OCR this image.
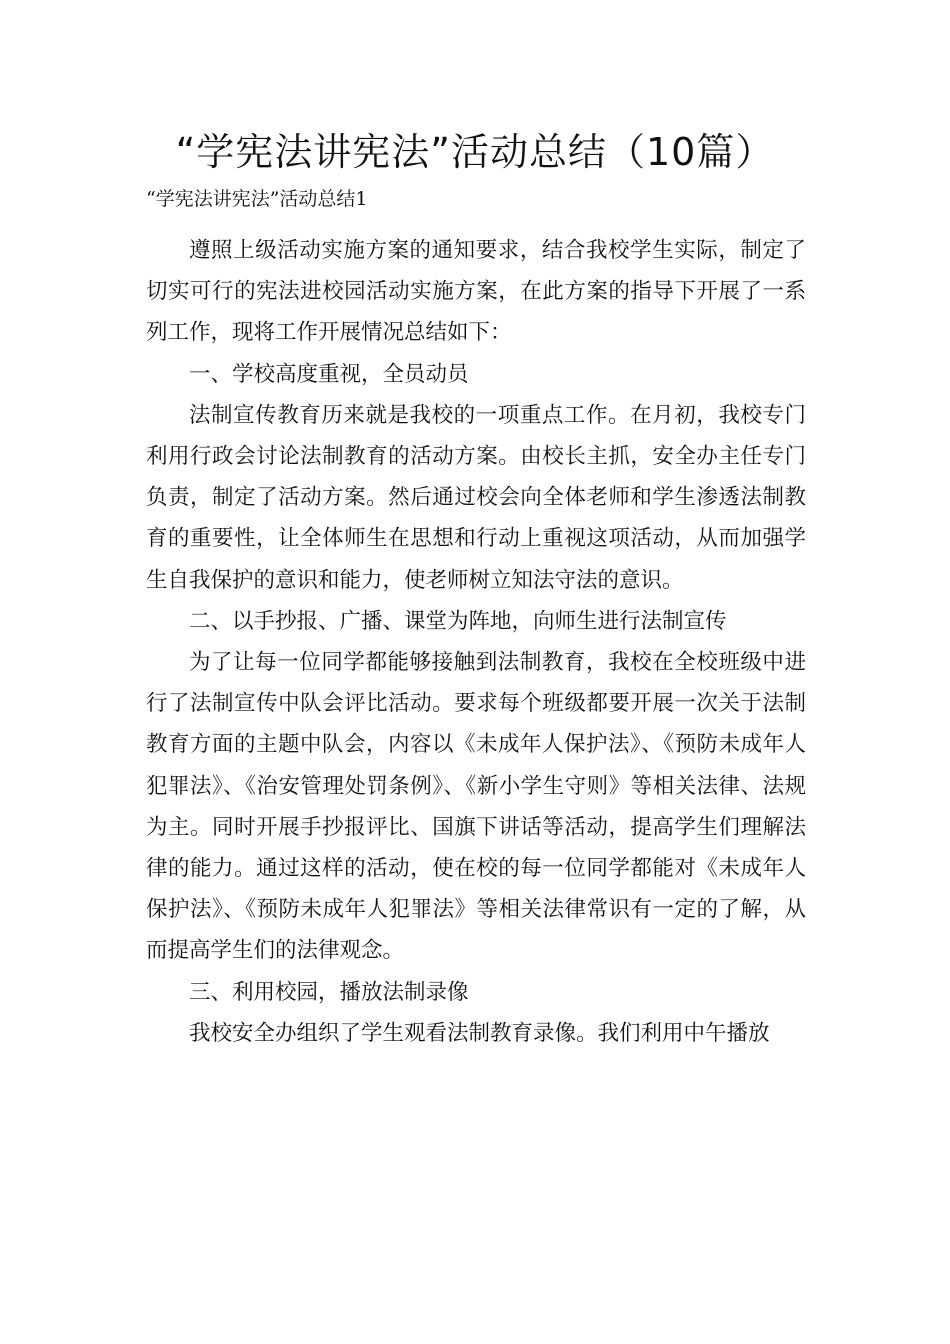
“学宪法讲宪法”活动总结（10篇）
“学宪法讲宪法”活动总结1

遵照上级活动实施方案的通知要求，结合我校学生实际，制定了切实可行的宪法进校园活动实施方案，在此方案的指导下开展了一系列工作，现将工作开展情况总结如下：

一、学校高度重视，全员动员

法制宣传教育历来就是我校的一项重点工作。在月初，我校专门利用行政会讨论法制教育的活动方案。由校长主抓，安全办主任专门负责，制定了活动方案。然后通过校会向全体老师和学生渗透法制教育的重要性，让全体师生在思想和行动上重视这项活动，从而加强学生自我保护的意识和能力，使老师树立知法守法的意识。

二、以手抄报、广播、课堂为阵地，向师生进行法制宣传

为了让每一位同学都能够接触到法制教育，我校在全校班级中进行了法制宣传中队会评比活动。要求每个班级都要开展一次关于法制教育方面的主题中队会，内容以《未成年人保护法》、《预防未成年人犯罪法》、《治安管理处罚条例》、《新小学生守则》等相关法律、法规为主。同时开展手抄报评比、国旗下讲话等活动，提高学生们理解法律的能力。通过这样的活动，使在校的每一位同学都能对《未成年人保护法》、《预防未成年人犯罪法》等相关法律常识有一定的了解，从而提高学生们的法律观念。

三、利用校园，播放法制录像

我校安全办组织了学生观看法制教育录像。我们利用中午播放
